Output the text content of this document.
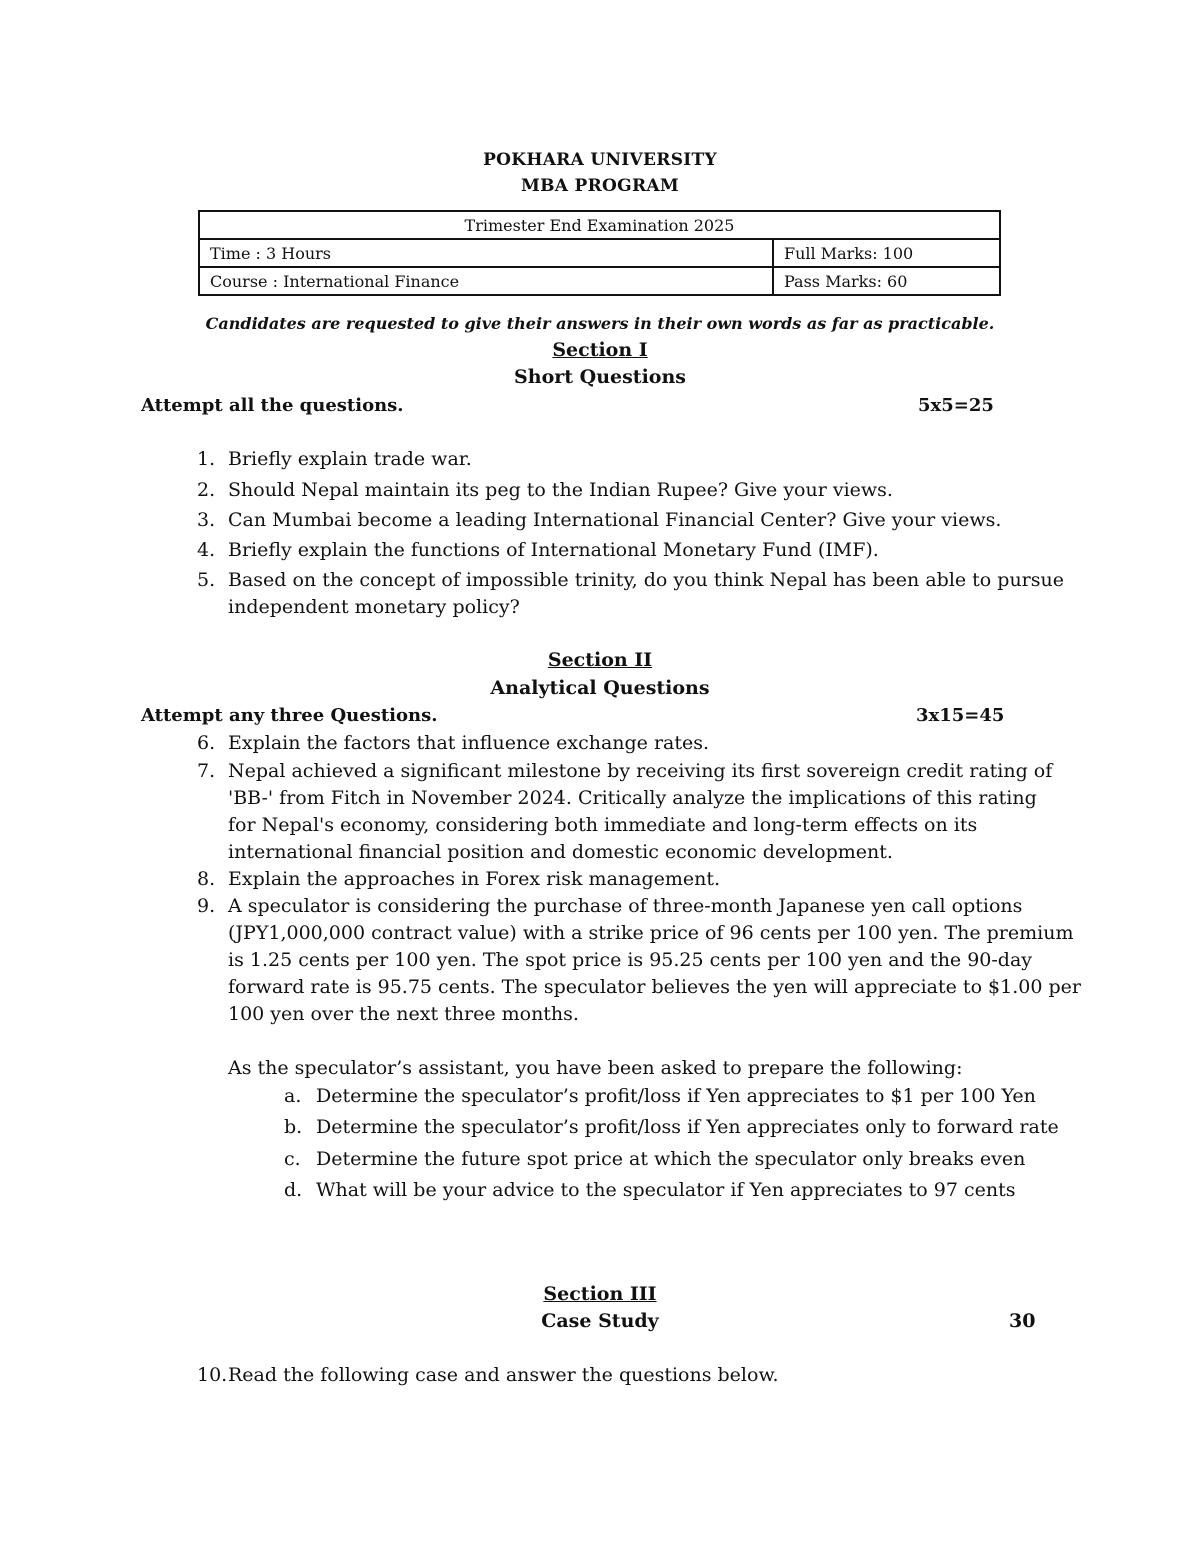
POKHARA UNIVERSITY
MBA PROGRAM
Trimester End Examination 2025	
Time : 3 Hours	Full Marks: 100
Course : International Finance	Pass Marks: 60
Candidates are requested to give their answers in their own words as far as practicable.
Section I
Short Questions
Attempt all the questions.	5x5=25
1. Briefly explain trade war.
2. Should Nepal maintain its peg to the Indian Rupee? Give your views.
3. Can Mumbai become a leading International Financial Center? Give your views.
4. Briefly explain the functions of International Monetary Fund (IMF).
5. Based on the concept of impossible trinity, do you think Nepal has been able to pursue
independent monetary policy?
Section II
Analytical Questions
Attempt any three Questions.	3x15=45
6. Explain the factors that influence exchange rates.
7. Nepal achieved a significant milestone by receiving its first sovereign credit rating of
'BB-' from Fitch in November 2024. Critically analyze the implications of this rating
for Nepal's economy, considering both immediate and long-term effects on its
international financial position and domestic economic development.
8. Explain the approaches in Forex risk management.
9. A speculator is considering the purchase of three-month Japanese yen call options
(JPY1,000,000 contract value) with a strike price of 96 cents per 100 yen. The premium
is 1.25 cents per 100 yen. The spot price is 95.25 cents per 100 yen and the 90-day
forward rate is 95.75 cents. The speculator believes the yen will appreciate to $1.00 per
100 yen over the next three months.
As the speculator’s assistant, you have been asked to prepare the following:
a. Determine the speculator’s profit/loss if Yen appreciates to $1 per 100 Yen
b. Determine the speculator’s profit/loss if Yen appreciates only to forward rate
c. Determine the future spot price at which the speculator only breaks even
d. What will be your advice to the speculator if Yen appreciates to 97 cents
Section III
Case Study	30
10. Read the following case and answer the questions below.
